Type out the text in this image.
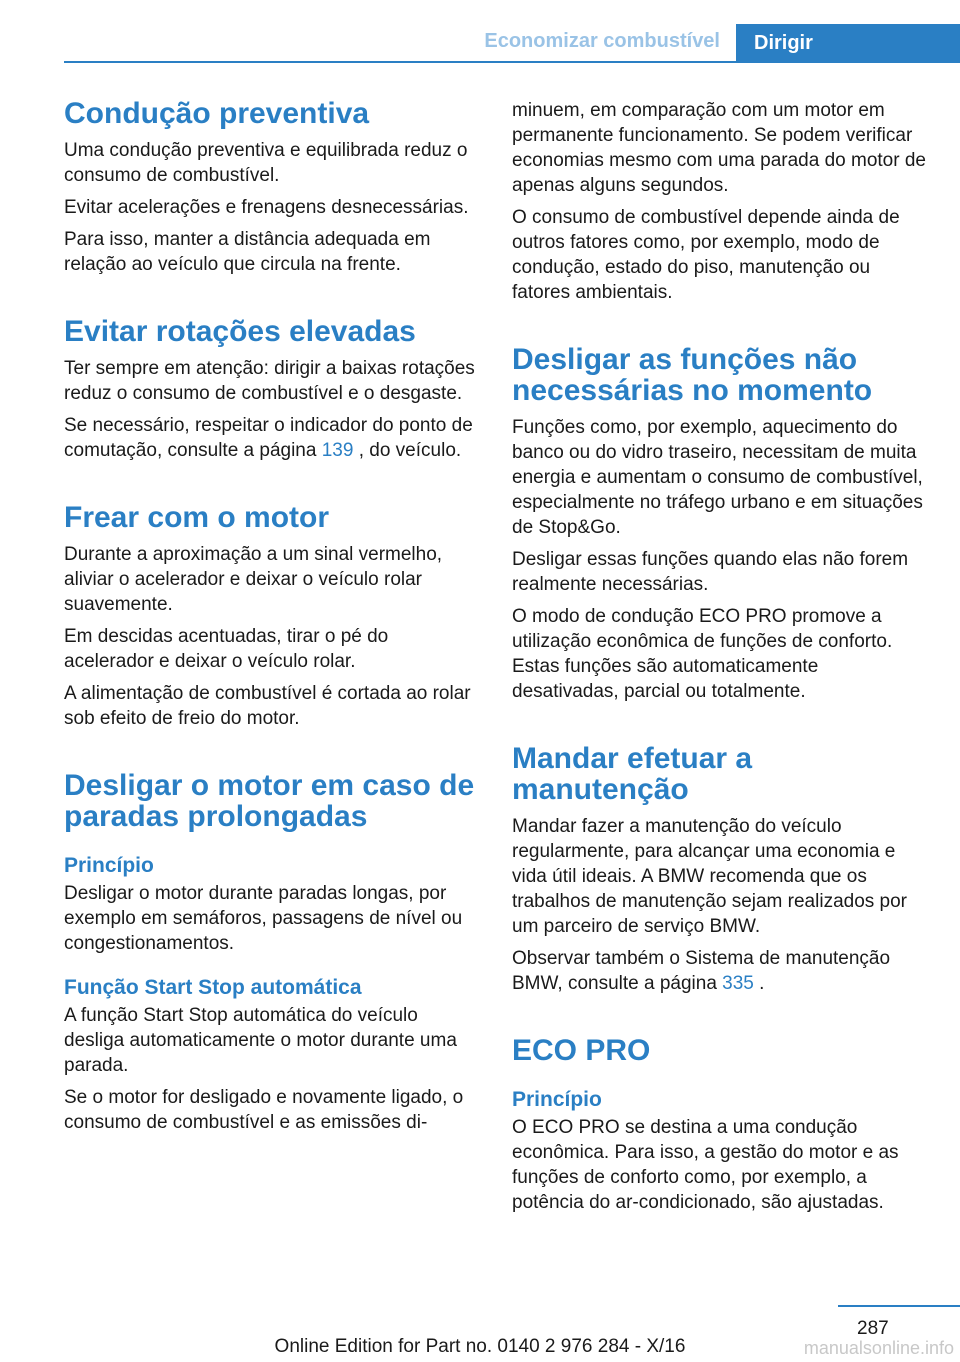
Economizar combustível	Dirigir
Condução preventiva

Uma condução preventiva e equilibrada reduz o consumo de combustível.

Evitar acelerações e frenagens desnecessárias.

Para isso, manter a distância adequada em relação ao veículo que circula na frente.

Evitar rotações elevadas

Ter sempre em atenção: dirigir a baixas rotações reduz o consumo de combustível e o desgaste.

Se necessário, respeitar o indicador do ponto de comutação, consulte a página 139 , do veículo.

Frear com o motor

Durante a aproximação a um sinal vermelho, aliviar o acelerador e deixar o veículo rolar suavemente.

Em descidas acentuadas, tirar o pé do acelerador e deixar o veículo rolar.

A alimentação de combustível é cortada ao rolar sob efeito de freio do motor.

Desligar o motor em caso de paradas prolongadas
Princípio

Desligar o motor durante paradas longas, por exemplo em semáforos, passagens de nível ou congestionamentos.

Função Start Stop automática

A função Start Stop automática do veículo desliga automaticamente o motor durante uma parada.

Se o motor for desligado e novamente ligado, o consumo de combustível e as emissões di-

minuem, em comparação com um motor em permanente funcionamento. Se podem verificar economias mesmo com uma parada do motor de apenas alguns segundos.

O consumo de combustível depende ainda de outros fatores como, por exemplo, modo de condução, estado do piso, manutenção ou fatores ambientais.

Desligar as funções não necessárias no momento

Funções como, por exemplo, aquecimento do banco ou do vidro traseiro, necessitam de muita energia e aumentam o consumo de combustível, especialmente no tráfego urbano e em situações de Stop&Go.

Desligar essas funções quando elas não forem realmente necessárias.

O modo de condução ECO PRO promove a utilização econômica de funções de conforto. Estas funções são automaticamente desativadas, parcial ou totalmente.

Mandar efetuar a manutenção

Mandar fazer a manutenção do veículo regularmente, para alcançar uma economia e vida útil ideais. A BMW recomenda que os trabalhos de manutenção sejam realizados por um parceiro de serviço BMW.

Observar também o Sistema de manutenção BMW, consulte a página 335 .

ECO PRO
Princípio

O ECO PRO se destina a uma condução econômica. Para isso, a gestão do motor e as funções de conforto como, por exemplo, a potência do ar-condicionado, são ajustadas.

287
Online Edition for Part no. 0140 2 976 284 - X/16	manualsonline.info
